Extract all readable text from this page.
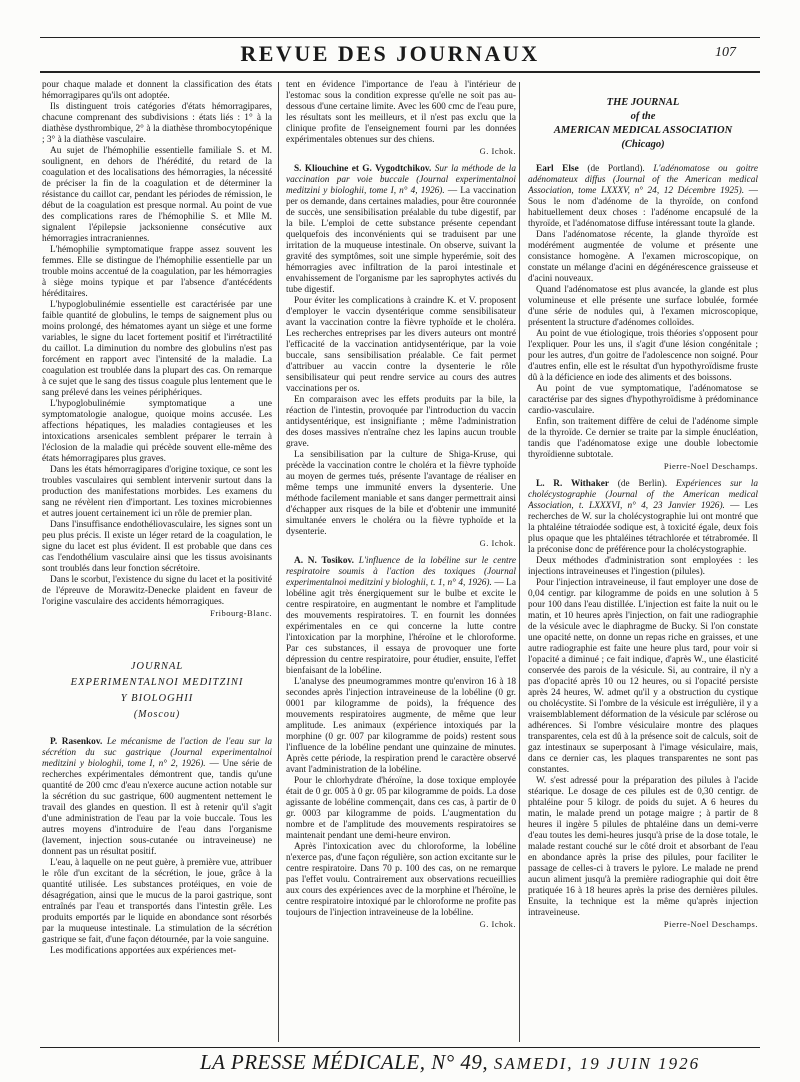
REVUE DES JOURNAUX	107

pour chaque malade et donnent la classification des états hémorragipares qu'ils ont adoptée.

Ils distinguent trois catégories d'états hémorragipares, chacune comprenant des subdivisions : états liés : 1° à la diathèse dysthrombique, 2° à la diathèse thrombocytopénique ; 3° à la diathèse vasculaire.

Au sujet de l'hémophilie essentielle familiale S. et M. soulignent, en dehors de l'hérédité, du retard de la coagulation et des localisations des hémorragies, la nécessité de préciser la fin de la coagulation et de déterminer la résistance du caillot car, pendant les périodes de rémission, le début de la coagulation est presque normal. Au point de vue des complications rares de l'hémophilie S. et Mlle M. signalent l'épilepsie jacksonienne consécutive aux hémorragies intracraniennes.

L'hémophilie symptomatique frappe assez souvent les femmes. Elle se distingue de l'hémophilie essentielle par un trouble moins accentué de la coagulation, par les hémorragies à siège moins typique et par l'absence d'antécédents héréditaires.

L'hypoglobulinémie essentielle est caractérisée par une faible quantité de globulins, le temps de saignement plus ou moins prolongé, des hématomes ayant un siège et une forme variables, le signe du lacet fortement positif et l'irrétractilité du caillot. La diminution du nombre des globulins n'est pas forcément en rapport avec l'intensité de la maladie. La coagulation est troublée dans la plupart des cas. On remarque à ce sujet que le sang des tissus coagule plus lentement que le sang prélevé dans les veines périphériques.

L'hypoglobulinémie symptomatique a une symptomatologie analogue, quoique moins accusée. Les affections hépatiques, les maladies contagieuses et les intoxications arsenicales semblent préparer le terrain à l'éclosion de la maladie qui précède souvent elle-même des états hémorragipares plus graves.

Dans les états hémorragipares d'origine toxique, ce sont les troubles vasculaires qui semblent intervenir surtout dans la production des manifestations morbides. Les examens du sang ne révèlent rien d'important. Les toxines microbiennes et autres jouent certainement ici un rôle de premier plan.

Dans l'insuffisance endothéliovasculaire, les signes sont un peu plus précis. Il existe un léger retard de la coagulation, le signe du lacet est plus évident. Il est probable que dans ces cas l'endothélium vasculaire ainsi que les tissus avoisinants sont troublés dans leur fonction sécrétoire.

Dans le scorbut, l'existence du signe du lacet et la positivité de l'épreuve de Morawitz-Denecke plaident en faveur de l'origine vasculaire des accidents hémorragiques.

Fribourg-Blanc.
JOURNAL
EXPERIMENTALNOI MEDITZINI
Y BIOLOGHII
(Moscou)

P. Rasenkov. Le mécanisme de l'action de l'eau sur la sécrétion du suc gastrique (Journal experimentalnoi meditzini y biologhii, tome I, n° 2, 1926). — Une série de recherches expérimentales démontrent que, tandis qu'une quantité de 200 cmc d'eau n'exerce aucune action notable sur la sécrétion du suc gastrique, 600 augmentent nettement le travail des glandes en question. Il est à retenir qu'il s'agit d'une administration de l'eau par la voie buccale. Tous les autres moyens d'introduire de l'eau dans l'organisme (lavement, injection sous-cutanée ou intraveineuse) ne donnent pas un résultat positif.

L'eau, à laquelle on ne peut guère, à première vue, attribuer le rôle d'un excitant de la sécrétion, le joue, grâce à la quantité utilisée. Les substances protéiques, en voie de désagrégation, ainsi que le mucus de la paroi gastrique, sont entraînés par l'eau et transportés dans l'intestin grêle. Les produits emportés par le liquide en abondance sont résorbés par la muqueuse intestinale. La stimulation de la sécrétion gastrique se fait, d'une façon détournée, par la voie sanguine.

Les modifications apportées aux expériences met-

tent en évidence l'importance de l'eau à l'intérieur de l'estomac sous la condition expresse qu'elle ne soit pas au-dessous d'une certaine limite. Avec les 600 cmc de l'eau pure, les résultats sont les meilleurs, et il n'est pas exclu que la clinique profite de l'enseignement fourni par les données expérimentales obtenues sur des chiens.

G. Ichok.

S. Kliouchine et G. Vygodtchikov. Sur la méthode de la vaccination par voie buccale (Journal experimentalnoi meditzini y biologhii, tome I, n° 4, 1926). — La vaccination per os demande, dans certaines maladies, pour être couronnée de succès, une sensibilisation préalable du tube digestif, par la bile. L'emploi de cette substance présente cependant quelquefois des inconvénients qui se traduisent par une irritation de la muqueuse intestinale. On observe, suivant la gravité des symptômes, soit une simple hyperémie, soit des hémorragies avec infiltration de la paroi intestinale et envahissement de l'organisme par les saprophytes activés du tube digestif.

Pour éviter les complications à craindre K. et V. proposent d'employer le vaccin dysentérique comme sensibilisateur avant la vaccination contre la fièvre typhoïde et le choléra. Les recherches entreprises par les divers auteurs ont montré l'efficacité de la vaccination antidysentérique, par la voie buccale, sans sensibilisation préalable. Ce fait permet d'attribuer au vaccin contre la dysenterie le rôle sensibilisateur qui peut rendre service au cours des autres vaccinations per os.

En comparaison avec les effets produits par la bile, la réaction de l'intestin, provoquée par l'introduction du vaccin antidysentérique, est insignifiante ; même l'administration des doses massives n'entraîne chez les lapins aucun trouble grave.

La sensibilisation par la culture de Shiga-Kruse, qui précède la vaccination contre le choléra et la fièvre typhoïde au moyen de germes tués, présente l'avantage de réaliser en même temps une immunité envers la dysenterie. Une méthode facilement maniable et sans danger permettrait ainsi d'échapper aux risques de la bile et d'obtenir une immunité simultanée envers le choléra ou la fièvre typhoïde et la dysenterie.

G. Ichok.

A. N. Tosikov. L'influence de la lobéline sur le centre respiratoire soumis à l'action des toxiques (Journal experimentalnoi meditzini y biologhii, t. 1, n° 4, 1926). — La lobéline agit très énergiquement sur le bulbe et excite le centre respiratoire, en augmentant le nombre et l'amplitude des mouvements respiratoires. T. en fournit les données expérimentales en ce qui concerne la lutte contre l'intoxication par la morphine, l'héroïne et le chloroforme. Par ces substances, il essaya de provoquer une forte dépression du centre respiratoire, pour étudier, ensuite, l'effet bienfaisant de la lobéline.

L'analyse des pneumogrammes montre qu'environ 16 à 18 secondes après l'injection intraveineuse de la lobéline (0 gr. 0001 par kilogramme de poids), la fréquence des mouvements respiratoires augmente, de même que leur amplitude. Les animaux (expérience intoxiqués par la morphine (0 gr. 007 par kilogramme de poids) restent sous l'influence de la lobéline pendant une quinzaine de minutes. Après cette période, la respiration prend le caractère observé avant l'administration de la lobéline.

Pour le chlorhydrate d'héroïne, la dose toxique employée était de 0 gr. 005 à 0 gr. 05 par kilogramme de poids. La dose agissante de lobéline commençait, dans ces cas, à partir de 0 gr. 0003 par kilogramme de poids. L'augmentation du nombre et de l'amplitude des mouvements respiratoires se maintenait pendant une demi-heure environ.

Après l'intoxication avec du chloroforme, la lobéline n'exerce pas, d'une façon régulière, son action excitante sur le centre respiratoire. Dans 70 p. 100 des cas, on ne remarque pas l'effet voulu. Contrairement aux observations recueillies aux cours des expériences avec de la morphine et l'héroïne, le centre respiratoire intoxiqué par le chloroforme ne profite pas toujours de l'injection intraveineuse de la lobéline.

G. Ichok.
THE JOURNAL
of the
AMERICAN MEDICAL ASSOCIATION
(Chicago)

Earl Else (de Portland). L'adénomatose ou goitre adénomateux diffus (Journal of the American medical Association, tome LXXXV, n° 24, 12 Décembre 1925). — Sous le nom d'adénome de la thyroïde, on confond habituellement deux choses : l'adénome encapsulé de la thyroïde, et l'adénomatose diffuse intéressant toute la glande.

Dans l'adénomatose récente, la glande thyroïde est modérément augmentée de volume et présente une consistance homogène. A l'examen microscopique, on constate un mélange d'acini en dégénérescence graisseuse et d'acini nouveaux.

Quand l'adénomatose est plus avancée, la glande est plus volumineuse et elle présente une surface lobulée, formée d'une série de nodules qui, à l'examen microscopique, présentent la structure d'adénomes colloïdes.

Au point de vue étiologique, trois théories s'opposent pour l'expliquer. Pour les uns, il s'agit d'une lésion congénitale ; pour les autres, d'un goitre de l'adolescence non soigné. Pour d'autres enfin, elle est le résultat d'un hypothyroïdisme fruste dû à la déficience en iode des aliments et des boissons.

Au point de vue symptomatique, l'adénomatose se caractérise par des signes d'hypothyroïdisme à prédominance cardio-vasculaire.

Enfin, son traitement diffère de celui de l'adénome simple de la thyroïde. Ce dernier se traite par la simple énucléation, tandis que l'adénomatose exige une double lobectomie thyroïdienne subtotale.

Pierre-Noel Deschamps.

L. R. Withaker (de Berlin). Expériences sur la cholécystographie (Journal of the American medical Association, t. LXXXVI, n° 4, 23 Janvier 1926). — Les recherches de W. sur la cholécystographie lui ont montré que la phtaléine tétraiodée sodique est, à toxicité égale, deux fois plus opaque que les phtaléines tétrachlorée et tétrabromée. Il la préconise donc de préférence pour la cholécystographie.

Deux méthodes d'administration sont employées : les injections intraveineuses et l'ingestion (pilules).

Pour l'injection intraveineuse, il faut employer une dose de 0,04 centigr. par kilogramme de poids en une solution à 5 pour 100 dans l'eau distillée. L'injection est faite la nuit ou le matin, et 10 heures après l'injection, on fait une radiographie de la vésicule avec le diaphragme de Bucky. Si l'on constate une opacité nette, on donne un repas riche en graisses, et une autre radiographie est faite une heure plus tard, pour voir si l'opacité a diminué ; ce fait indique, d'après W., une élasticité conservée des parois de la vésicule. Si, au contraire, il n'y a pas d'opacité après 10 ou 12 heures, ou si l'opacité persiste après 24 heures, W. admet qu'il y a obstruction du cystique ou cholécystite. Si l'ombre de la vésicule est irrégulière, il y a vraisemblablement déformation de la vésicule par sclérose ou adhérences. Si l'ombre vésiculaire montre des plaques transparentes, cela est dû à la présence soit de calculs, soit de gaz intestinaux se superposant à l'image vésiculaire, mais, dans ce dernier cas, les plaques transparentes ne sont pas constantes.

W. s'est adressé pour la préparation des pilules à l'acide stéarique. Le dosage de ces pilules est de 0,30 centigr. de phtaléine pour 5 kilogr. de poids du sujet. A 6 heures du matin, le malade prend un potage maigre ; à partir de 8 heures il ingère 5 pilules de phtaléine dans un demi-verre d'eau toutes les demi-heures jusqu'à prise de la dose totale, le malade restant couché sur le côté droit et absorbant de l'eau en abondance après la prise des pilules, pour faciliter le passage de celles-ci à travers le pylore. Le malade ne prend aucun aliment jusqu'à la première radiographie qui doit être pratiquée 16 à 18 heures après la prise des dernières pilules. Ensuite, la technique est la même qu'après injection intraveineuse.

Pierre-Noel Deschamps.
LA PRESSE MÉDICALE, N° 49, SAMEDI, 19 JUIN 1926
